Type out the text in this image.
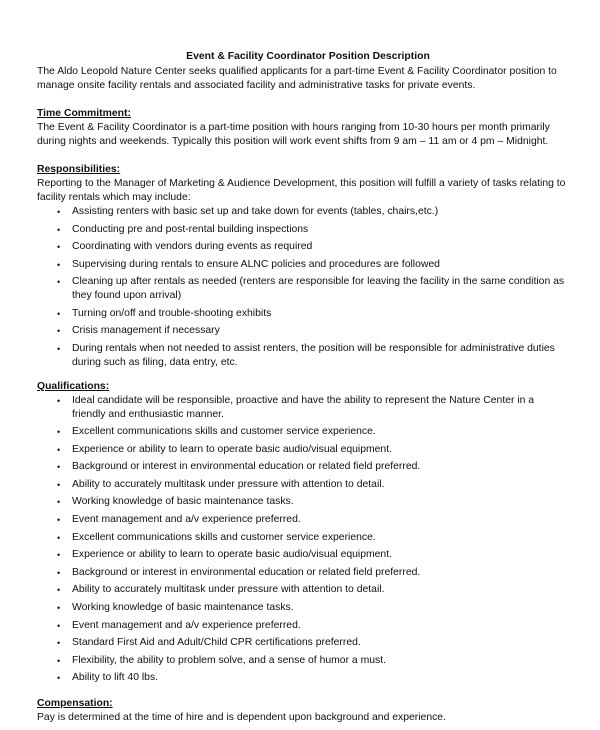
Event & Facility Coordinator Position Description

The Aldo Leopold Nature Center seeks qualified applicants for a part-time Event & Facility Coordinator position to manage onsite facility rentals and associated facility and administrative tasks for private events.

Time Commitment:

The Event & Facility Coordinator is a part-time position with hours ranging from 10-30 hours per month primarily during nights and weekends. Typically this position will work event shifts from 9 am – 11 am or 4 pm – Midnight.

Responsibilities:

Reporting to the Manager of Marketing & Audience Development, this position will fulfill a variety of tasks relating to facility rentals which may include:

• Assisting renters with basic set up and take down for events (tables, chairs,etc.)
• Conducting pre and post-rental building inspections
• Coordinating with vendors during events as required
• Supervising during rentals to ensure ALNC policies and procedures are followed
• Cleaning up after rentals as needed (renters are responsible for leaving the facility in the same condition as they found upon arrival)
• Turning on/off and trouble-shooting exhibits
• Crisis management if necessary
• During rentals when not needed to assist renters, the position will be responsible for administrative duties during such as filing, data entry, etc.
Qualifications:
• Ideal candidate will be responsible, proactive and have the ability to represent the Nature Center in a friendly and enthusiastic manner.
• Excellent communications skills and customer service experience.
• Experience or ability to learn to operate basic audio/visual equipment.
• Background or interest in environmental education or related field preferred.
• Ability to accurately multitask under pressure with attention to detail.
• Working knowledge of basic maintenance tasks.
• Event management and a/v experience preferred.
• Excellent communications skills and customer service experience.
• Experience or ability to learn to operate basic audio/visual equipment.
• Background or interest in environmental education or related field preferred.
• Ability to accurately multitask under pressure with attention to detail.
• Working knowledge of basic maintenance tasks.
• Event management and a/v experience preferred.
• Standard First Aid and Adult/Child CPR certifications preferred.
• Flexibility, the ability to problem solve, and a sense of humor a must.
• Ability to lift 40 lbs.
Compensation:

Pay is determined at the time of hire and is dependent upon background and experience.
